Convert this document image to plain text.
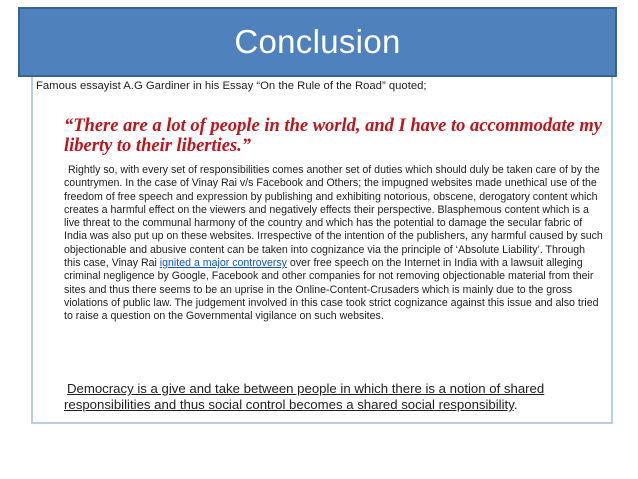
Conclusion
Famous essayist A.G Gardiner in his Essay “On the Rule of the Road” quoted;
“There are a lot of people in the world, and I have to accommodate my liberty to their liberties.”
Rightly so, with every set of responsibilities comes another set of duties which should duly be taken care of by the countrymen. In the case of Vinay Rai v/s Facebook and Others; the impugned websites made unethical use of the freedom of free speech and expression by publishing and exhibiting notorious, obscene, derogatory content which creates a harmful effect on the viewers and negatively effects their perspective. Blasphemous content which is a live threat to the communal harmony of the country and which has the potential to damage the secular fabric of India was also put up on these websites. Irrespective of the intention of the publishers, any harmful caused by such objectionable and abusive content can be taken into cognizance via the principle of ‘Absolute Liability’. Through this case, Vinay Rai ignited a major controversy over free speech on the Internet in India with a lawsuit alleging criminal negligence by Google, Facebook and other companies for not removing objectionable material from their sites and thus there seems to be an uprise in the Online-Content-Crusaders which is mainly due to the gross violations of public law. The judgement involved in this case took strict cognizance against this issue and also tried to raise a question on the Governmental vigilance on such websites.
Democracy is a give and take between people in which there is a notion of shared responsibilities and thus social control becomes a shared social responsibility.
